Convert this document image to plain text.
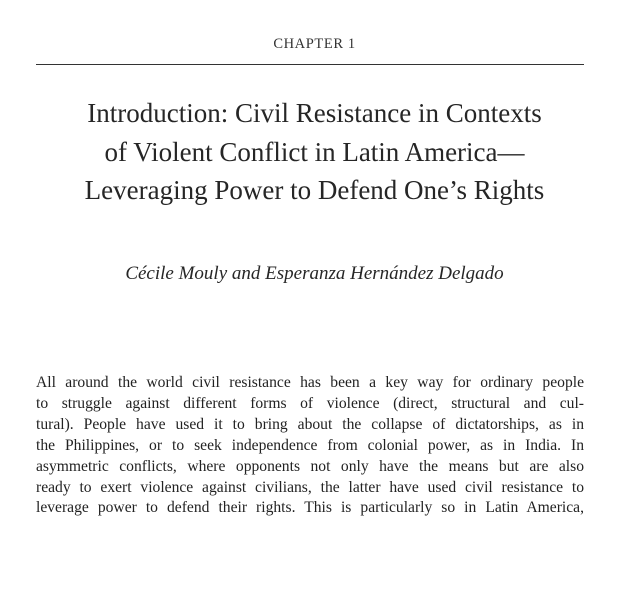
CHAPTER 1
Introduction: Civil Resistance in Contexts
of Violent Conflict in Latin America—
Leveraging Power to Defend One’s Rights
Cécile Mouly and Esperanza Hernández Delgado
All around the world civil resistance has been a key way for ordinary people
to struggle against different forms of violence (direct, structural and cul-
tural). People have used it to bring about the collapse of dictatorships, as in
the Philippines, or to seek independence from colonial power, as in India. In
asymmetric conflicts, where opponents not only have the means but are also
ready to exert violence against civilians, the latter have used civil resistance to
leverage power to defend their rights. This is particularly so in Latin America,
